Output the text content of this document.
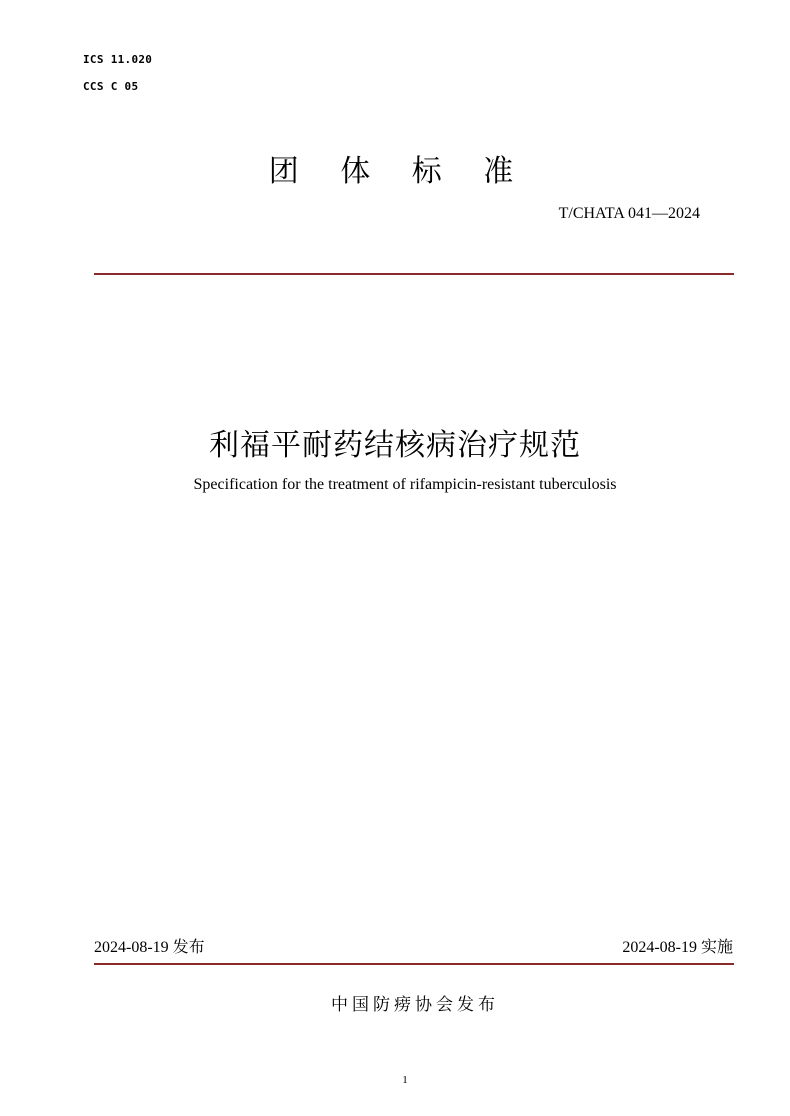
ICS 11.020
CCS C 05
团 体 标 准
T/CHATA 041—2024
利福平耐药结核病治疗规范
Specification for the treatment of rifampicin-resistant tuberculosis
2024-08-19 发布	2024-08-19 实施
中国防痨协会发布
1
